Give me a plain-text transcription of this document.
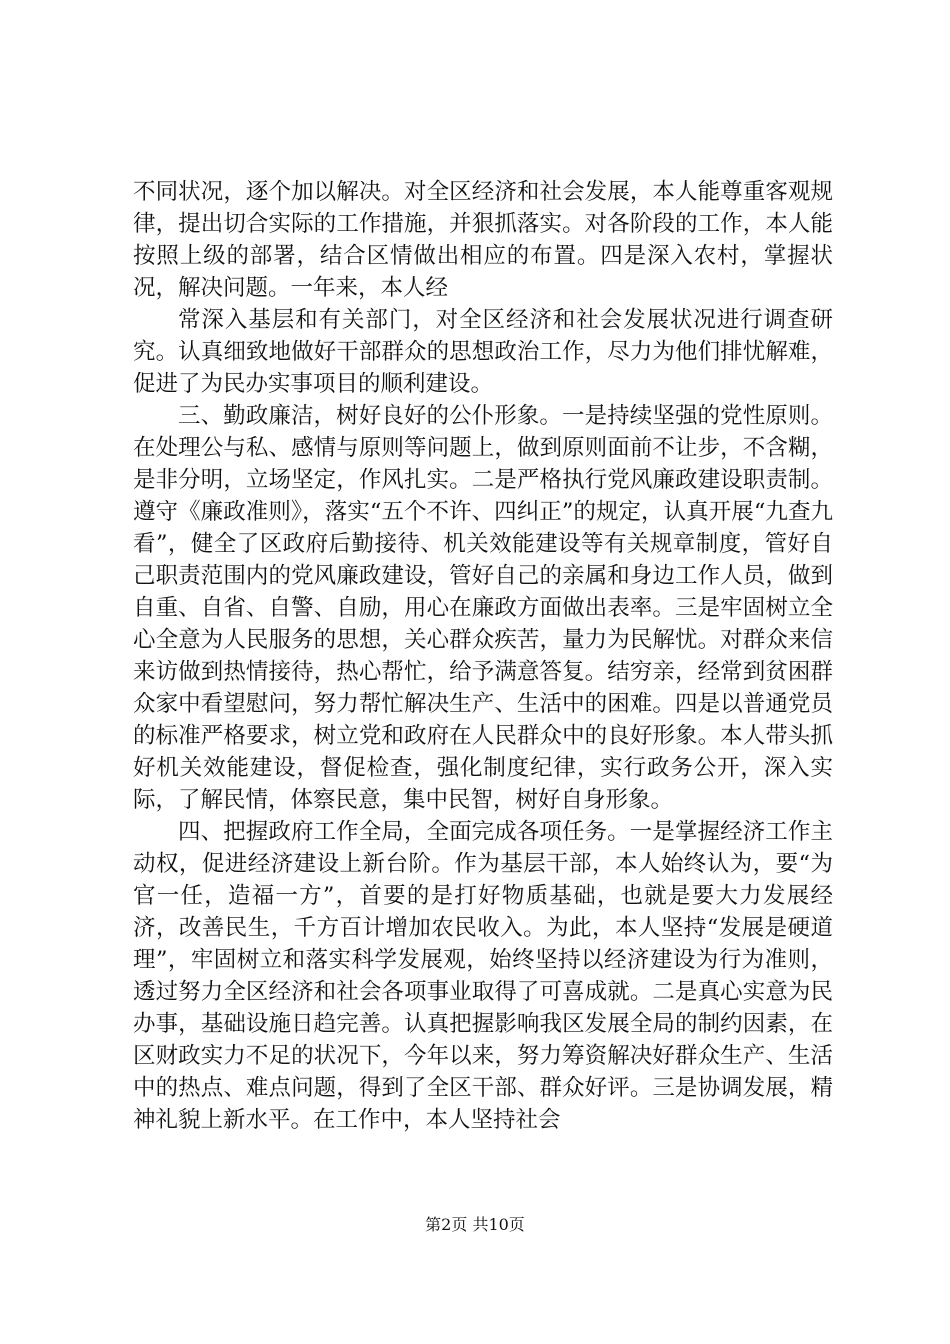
不同状况，逐个加以解决。对全区经济和社会发展，本人能尊重客观规律，提出切合实际的工作措施，并狠抓落实。对各阶段的工作，本人能按照上级的部署，结合区情做出相应的布置。四是深入农村，掌握状况，解决问题。一年来，本人经

常深入基层和有关部门，对全区经济和社会发展状况进行调查研究。认真细致地做好干部群众的思想政治工作，尽力为他们排忧解难，促进了为民办实事项目的顺利建设。

三、勤政廉洁，树好良好的公仆形象。一是持续坚强的党性原则。在处理公与私、感情与原则等问题上，做到原则面前不让步，不含糊，是非分明，立场坚定，作风扎实。二是严格执行党风廉政建设职责制。遵守《廉政准则》，落实“五个不许、四纠正”的规定，认真开展“九查九看”，健全了区政府后勤接待、机关效能建设等有关规章制度，管好自己职责范围内的党风廉政建设，管好自己的亲属和身边工作人员，做到自重、自省、自警、自励，用心在廉政方面做出表率。三是牢固树立全心全意为人民服务的思想，关心群众疾苦，量力为民解忧。对群众来信来访做到热情接待，热心帮忙，给予满意答复。结穷亲，经常到贫困群众家中看望慰问，努力帮忙解决生产、生活中的困难。四是以普通党员的标准严格要求，树立党和政府在人民群众中的良好形象。本人带头抓好机关效能建设，督促检查，强化制度纪律，实行政务公开，深入实际，了解民情，体察民意，集中民智，树好自身形象。

四、把握政府工作全局，全面完成各项任务。一是掌握经济工作主动权，促进经济建设上新台阶。作为基层干部，本人始终认为，要“为官一任，造福一方”，首要的是打好物质基础，也就是要大力发展经济，改善民生，千方百计增加农民收入。为此，本人坚持“发展是硬道理”，牢固树立和落实科学发展观，始终坚持以经济建设为行为准则，透过努力全区经济和社会各项事业取得了可喜成就。二是真心实意为民办事，基础设施日趋完善。认真把握影响我区发展全局的制约因素，在区财政实力不足的状况下，今年以来，努力筹资解决好群众生产、生活中的热点、难点问题，得到了全区干部、群众好评。三是协调发展，精神礼貌上新水平。在工作中，本人坚持社会

第2页 共10页
